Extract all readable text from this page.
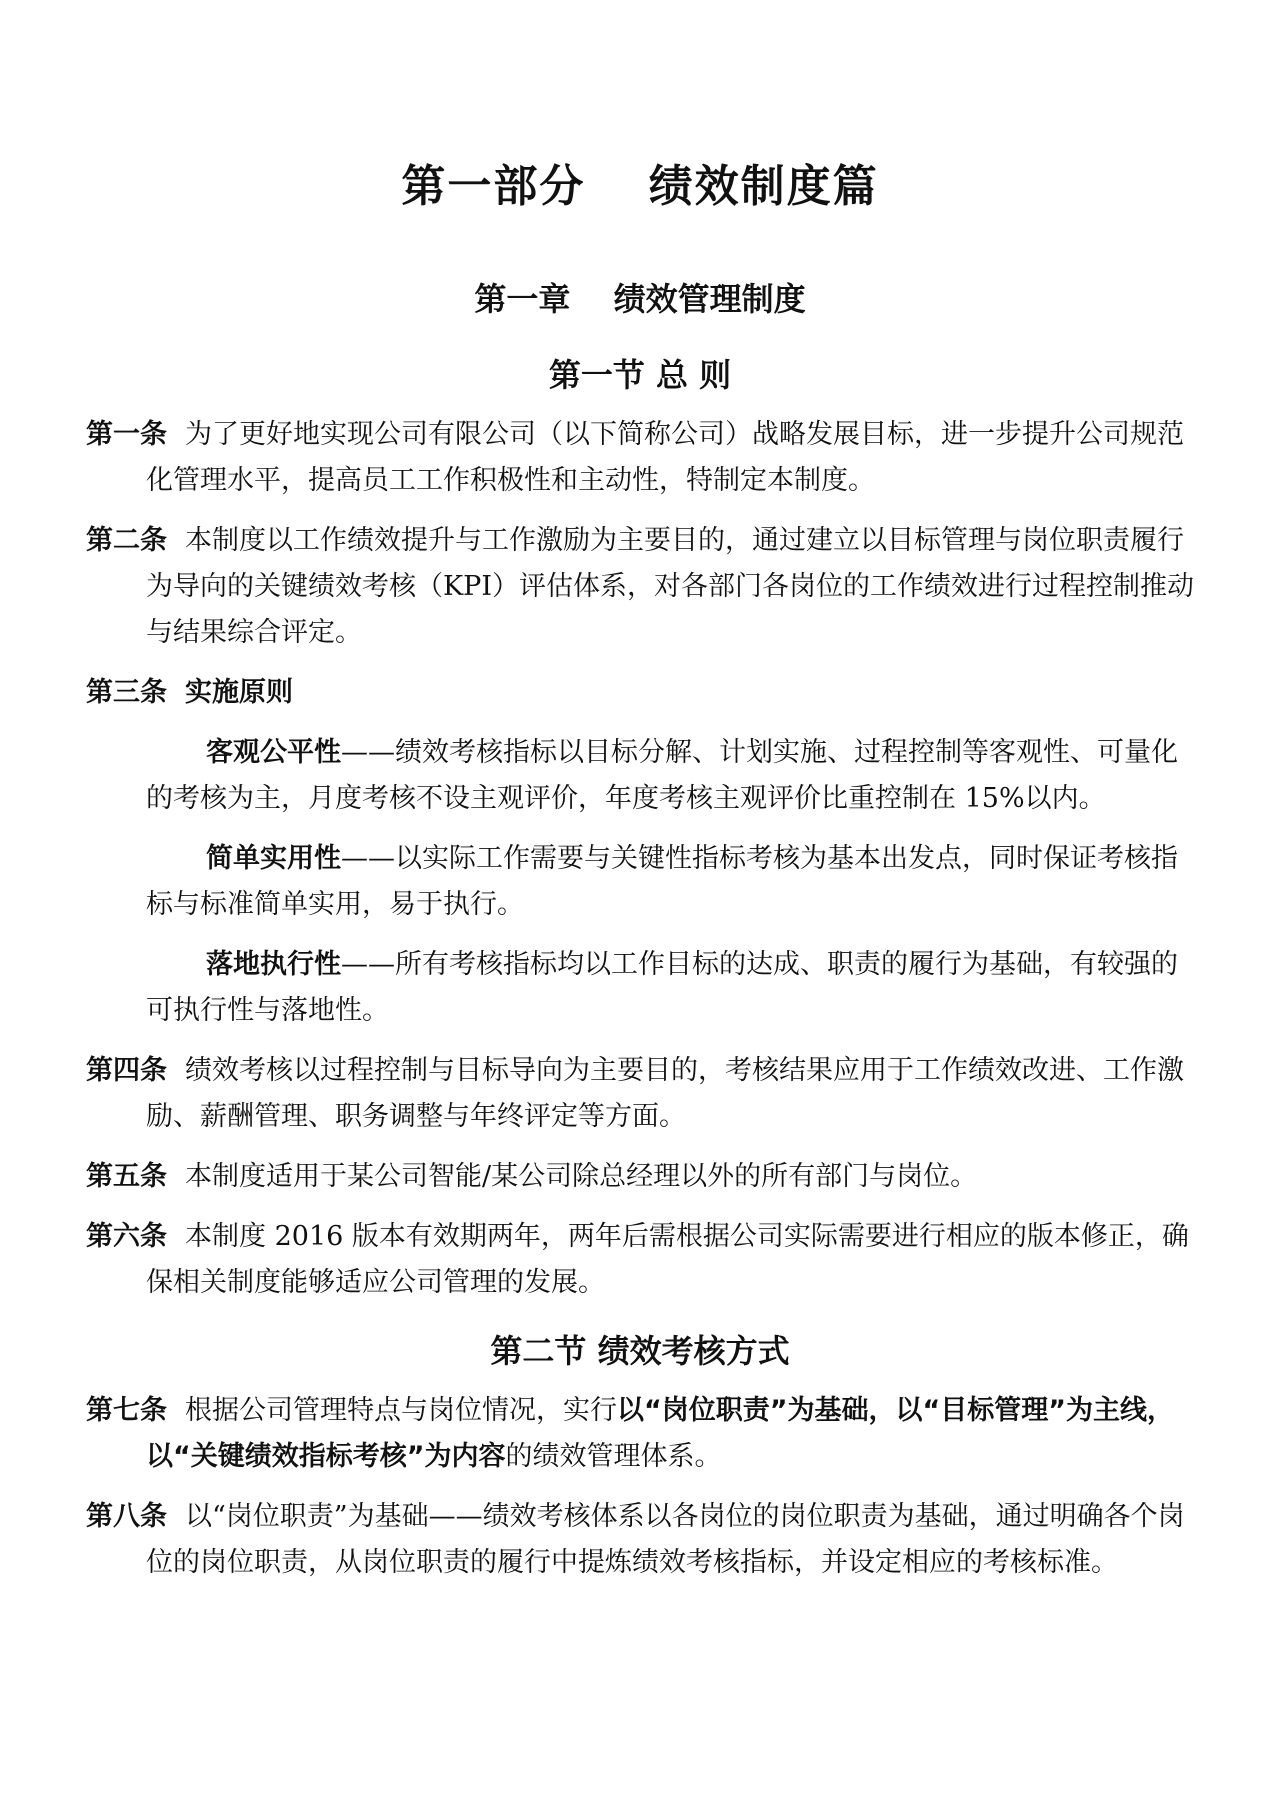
第一部分　 绩效制度篇
第一章　 绩效管理制度
第一节 总 则

第一条 为了更好地实现公司有限公司（以下简称公司）战略发展目标，进一步提升公司规范化管理水平，提高员工工作积极性和主动性，特制定本制度。

第二条 本制度以工作绩效提升与工作激励为主要目的，通过建立以目标管理与岗位职责履行为导向的关键绩效考核（KPI）评估体系，对各部门各岗位的工作绩效进行过程控制推动与结果综合评定。

第三条 实施原则

客观公平性——绩效考核指标以目标分解、计划实施、过程控制等客观性、可量化的考核为主，月度考核不设主观评价，年度考核主观评价比重控制在 15%以内。

简单实用性——以实际工作需要与关键性指标考核为基本出发点，同时保证考核指标与标准简单实用，易于执行。

落地执行性——所有考核指标均以工作目标的达成、职责的履行为基础，有较强的可执行性与落地性。

第四条 绩效考核以过程控制与目标导向为主要目的，考核结果应用于工作绩效改进、工作激励、薪酬管理、职务调整与年终评定等方面。

第五条 本制度适用于某公司智能/某公司除总经理以外的所有部门与岗位。

第六条 本制度 2016 版本有效期两年，两年后需根据公司实际需要进行相应的版本修正，确保相关制度能够适应公司管理的发展。

第二节 绩效考核方式

第七条 根据公司管理特点与岗位情况，实行以“岗位职责”为基础，以“目标管理”为主线，以“关键绩效指标考核”为内容的绩效管理体系。

第八条 以“岗位职责”为基础——绩效考核体系以各岗位的岗位职责为基础，通过明确各个岗位的岗位职责，从岗位职责的履行中提炼绩效考核指标，并设定相应的考核标准。
